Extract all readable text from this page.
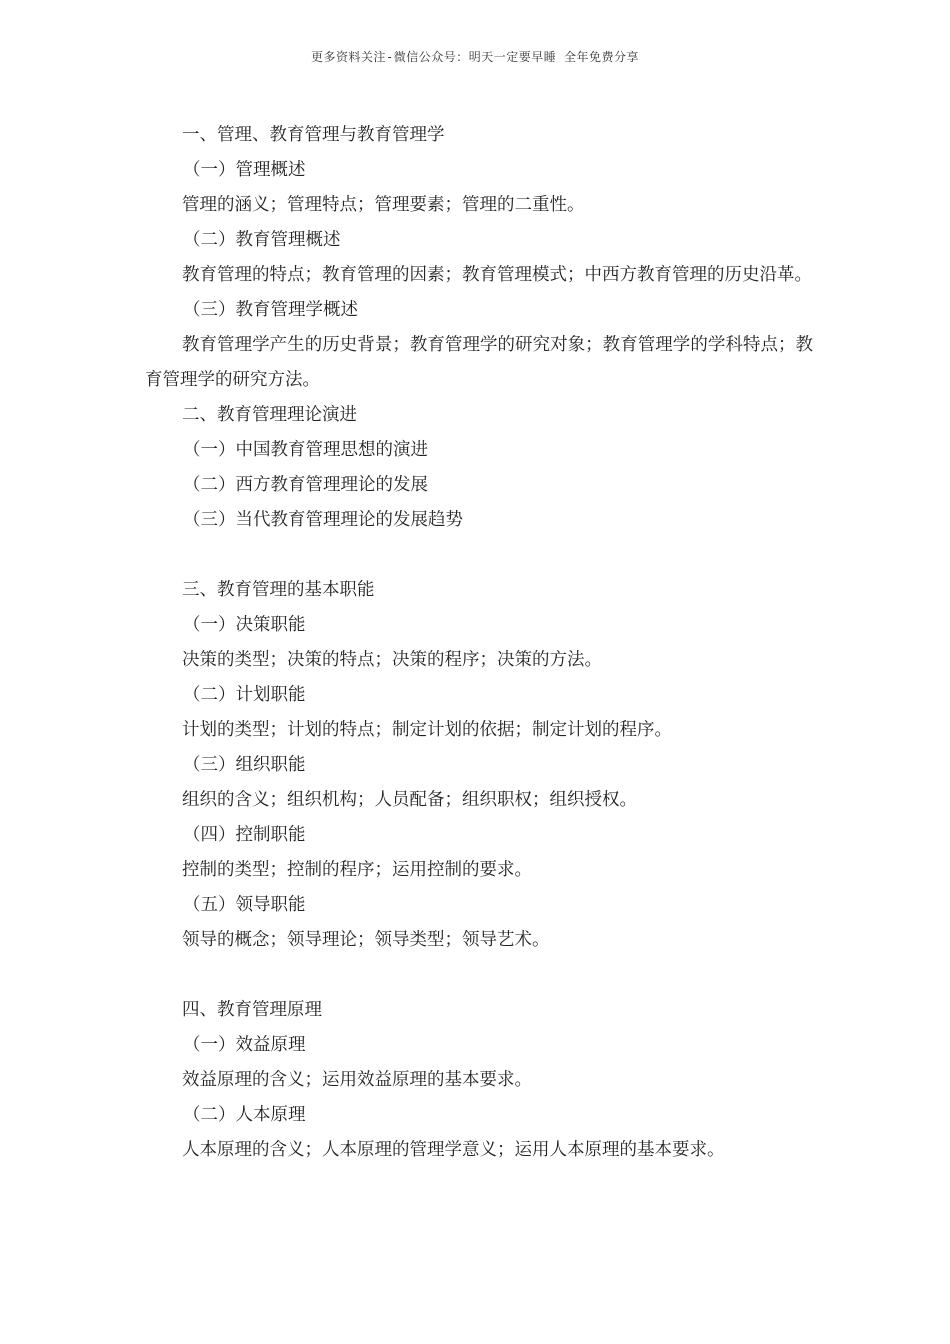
更多资料关注-微信公众号：明天一定要早睡 全年免费分享

一、管理、教育管理与教育管理学

（一）管理概述

管理的涵义；管理特点；管理要素；管理的二重性。

（二）教育管理概述

教育管理的特点；教育管理的因素；教育管理模式；中西方教育管理的历史沿革。

（三）教育管理学概述

教育管理学产生的历史背景；教育管理学的研究对象；教育管理学的学科特点；教育管理学的研究方法。

二、教育管理理论演进

（一）中国教育管理思想的演进

（二）西方教育管理理论的发展

（三）当代教育管理理论的发展趋势

三、教育管理的基本职能

（一）决策职能

决策的类型；决策的特点；决策的程序；决策的方法。

（二）计划职能

计划的类型；计划的特点；制定计划的依据；制定计划的程序。

（三）组织职能

组织的含义；组织机构；人员配备；组织职权；组织授权。

（四）控制职能

控制的类型；控制的程序；运用控制的要求。

（五）领导职能

领导的概念；领导理论；领导类型；领导艺术。

四、教育管理原理

（一）效益原理

效益原理的含义；运用效益原理的基本要求。

（二）人本原理

人本原理的含义；人本原理的管理学意义；运用人本原理的基本要求。
